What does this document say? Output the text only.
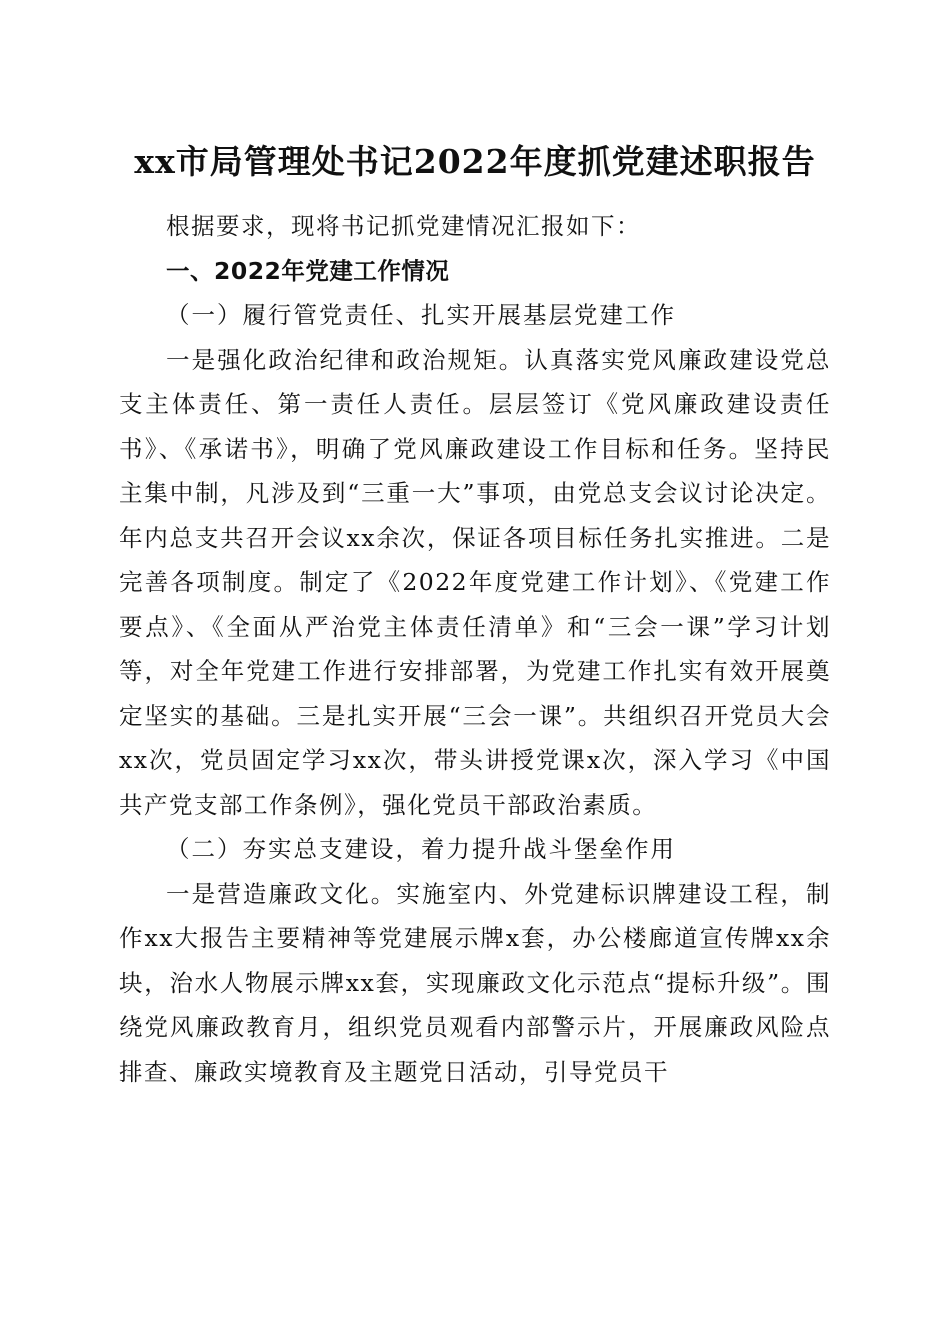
xx市局管理处书记2022年度抓党建述职报告

根据要求，现将书记抓党建情况汇报如下：

一、2022年党建工作情况

（一）履行管党责任、扎实开展基层党建工作

一是强化政治纪律和政治规矩。认真落实党风廉政建设党总支主体责任、第一责任人责任。层层签订《党风廉政建设责任书》、《承诺书》，明确了党风廉政建设工作目标和任务。坚持民主集中制，凡涉及到“三重一大”事项，由党总支会议讨论决定。年内总支共召开会议xx余次，保证各项目标任务扎实推进。二是完善各项制度。制定了《2022年度党建工作计划》、《党建工作要点》、《全面从严治党主体责任清单》和“三会一课”学习计划等，对全年党建工作进行安排部署，为党建工作扎实有效开展奠定坚实的基础。三是扎实开展“三会一课”。共组织召开党员大会xx次，党员固定学习xx次，带头讲授党课x次，深入学习《中国共产党支部工作条例》，强化党员干部政治素质。

（二）夯实总支建设，着力提升战斗堡垒作用

一是营造廉政文化。实施室内、外党建标识牌建设工程，制作xx大报告主要精神等党建展示牌x套，办公楼廊道宣传牌xx余块，治水人物展示牌xx套，实现廉政文化示范点“提标升级”。围绕党风廉政教育月，组织党员观看内部警示片，开展廉政风险点排查、廉政实境教育及主题党日活动，引导党员干
